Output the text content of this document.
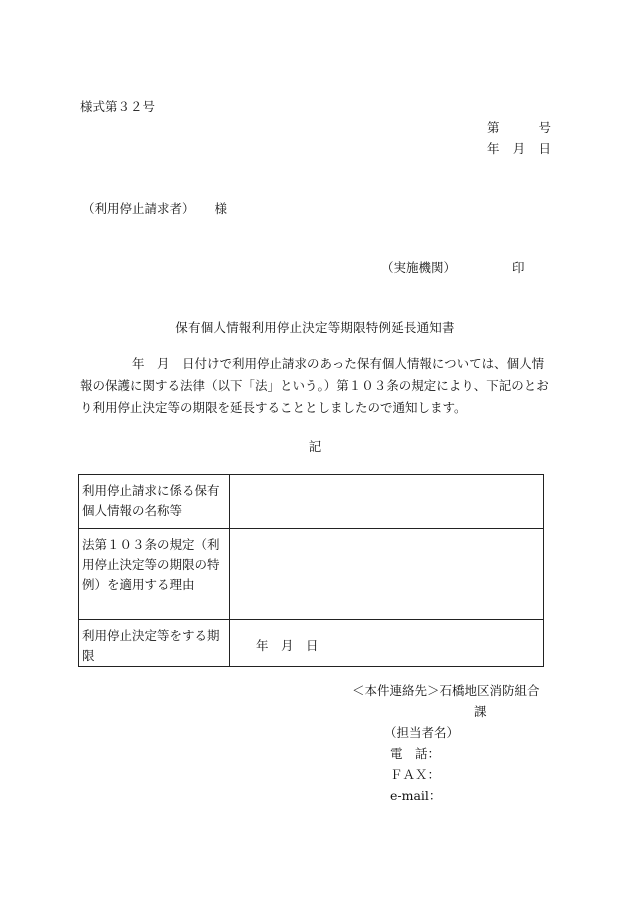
様式第３２号
第	号
年 月 日
（利用停止請求者） 様
（実施機関）	印
保有個人情報利用停止決定等期限特例延長通知書
年　月　日付けで利用停止請求のあった保有個人情報については、個人情報の保護に関する法律（以下「法」という。）第１０３条の規定により、下記のとおり利用停止決定等の期限を延長することとしましたので通知します。
記
利用停止請求に係る保有個人情報の名称等	
法第１０３条の規定（利用停止決定等の期限の特例）を適用する理由	
利用停止決定等をする期限	年　月　日
＜本件連絡先＞石橋地区消防組合
課
（担当者名）
電　話：
ＦＡＸ：
e-mail：
